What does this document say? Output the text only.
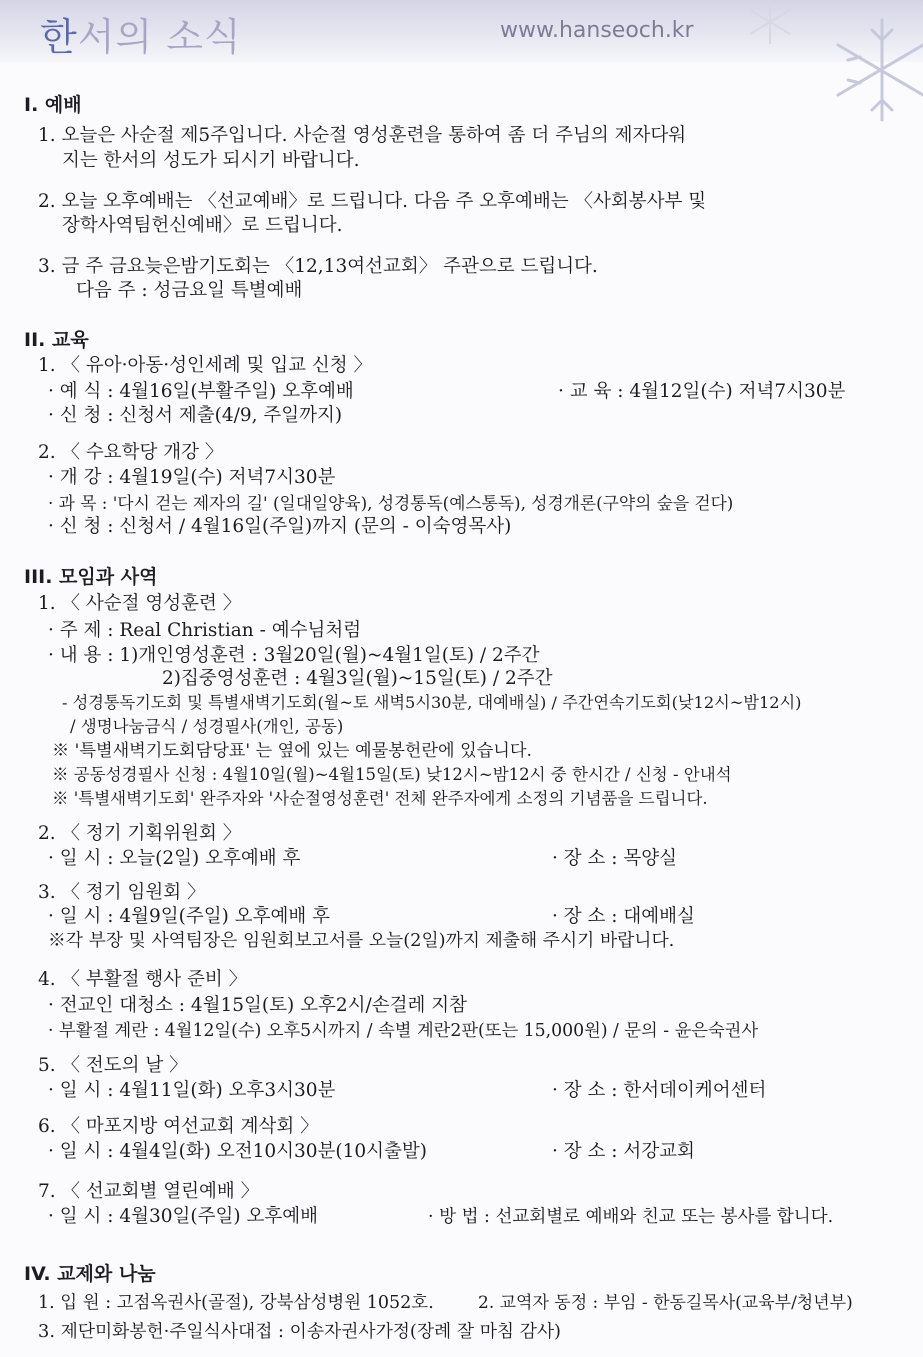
한서의 소식	www.hanseoch.kr
I. 예배
1. 오늘은 사순절 제5주입니다. 사순절 영성훈련을 통하여 좀 더 주님의 제자다워
지는 한서의 성도가 되시기 바랍니다.
2. 오늘 오후예배는 〈선교예배〉로 드립니다. 다음 주 오후예배는 〈사회봉사부 및
장학사역팀헌신예배〉로 드립니다.
3. 금 주 금요늦은밤기도회는 〈12,13여선교회〉 주관으로 드립니다.
다음 주 : 성금요일 특별예배
II. 교육
1. 〈 유아·아동·성인세례 및 입교 신청 〉
· 예 식 : 4월16일(부활주일) 오후예배	· 교 육 : 4월12일(수) 저녁7시30분
· 신 청 : 신청서 제출(4/9, 주일까지)
2. 〈 수요학당 개강 〉
· 개 강 : 4월19일(수) 저녁7시30분
· 과 목 : '다시 걷는 제자의 길' (일대일양육), 성경통독(예스통독), 성경개론(구약의 숲을 걷다)
· 신 청 : 신청서 / 4월16일(주일)까지 (문의 - 이숙영목사)
III. 모임과 사역
1. 〈 사순절 영성훈련 〉
· 주 제 : Real Christian - 예수님처럼
· 내 용 : 1)개인영성훈련 : 3월20일(월)~4월1일(토) / 2주간
2)집중영성훈련 : 4월3일(월)~15일(토) / 2주간
- 성경통독기도회 및 특별새벽기도회(월~토 새벽5시30분, 대예배실) / 주간연속기도회(낮12시~밤12시)
/ 생명나눔금식 / 성경필사(개인, 공동)
※ '특별새벽기도회담당표' 는 옆에 있는 예물봉헌란에 있습니다.
※ 공동성경필사 신청 : 4월10일(월)~4월15일(토) 낮12시~밤12시 중 한시간 / 신청 - 안내석
※ '특별새벽기도회' 완주자와 '사순절영성훈련' 전체 완주자에게 소정의 기념품을 드립니다.
2. 〈 정기 기획위원회 〉
· 일 시 : 오늘(2일) 오후예배 후	· 장 소 : 목양실
3. 〈 정기 임원회 〉
· 일 시 : 4월9일(주일) 오후예배 후	· 장 소 : 대예배실
※각 부장 및 사역팀장은 임원회보고서를 오늘(2일)까지 제출해 주시기 바랍니다.
4. 〈 부활절 행사 준비 〉
· 전교인 대청소 : 4월15일(토) 오후2시/손걸레 지참
· 부활절 계란 : 4월12일(수) 오후5시까지 / 속별 계란2판(또는 15,000원) / 문의 - 윤은숙권사
5. 〈 전도의 날 〉
· 일 시 : 4월11일(화) 오후3시30분	· 장 소 : 한서데이케어센터
6. 〈 마포지방 여선교회 계삭회 〉
· 일 시 : 4월4일(화) 오전10시30분(10시출발)	· 장 소 : 서강교회
7. 〈 선교회별 열린예배 〉
· 일 시 : 4월30일(주일) 오후예배	· 방 법 : 선교회별로 예배와 친교 또는 봉사를 합니다.
IV. 교제와 나눔
1. 입 원 : 고점옥권사(골절), 강북삼성병원 1052호.	2. 교역자 동정 : 부임 - 한동길목사(교육부/청년부)
3. 제단미화봉헌·주일식사대접 : 이송자권사가정(장례 잘 마침 감사)
